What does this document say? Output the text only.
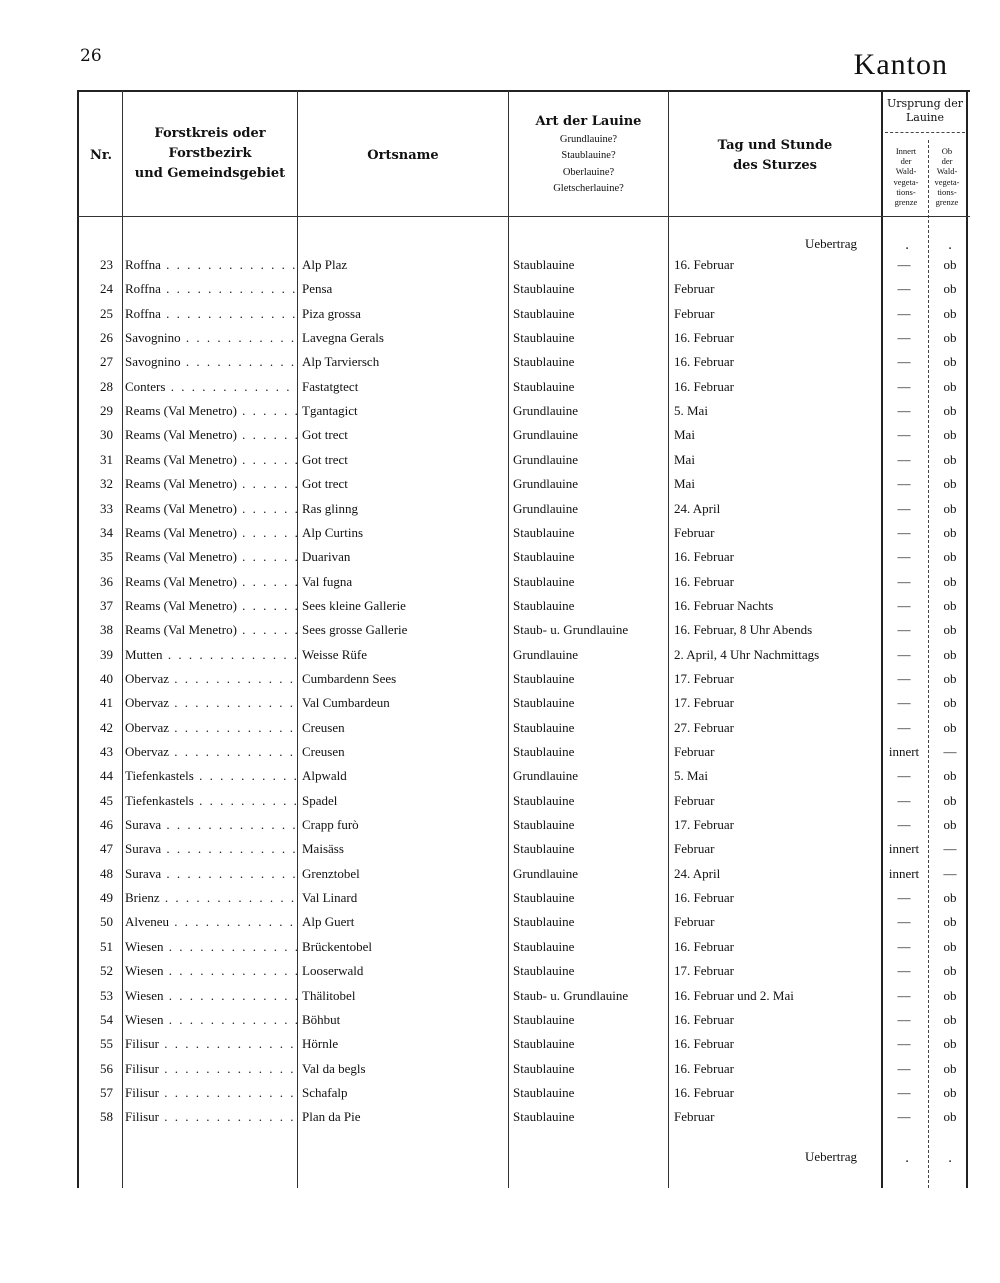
26	Kanton
Nr.
Forstkreis oder
Forstbezirk
und Gemeindsgebiet
Ortsname
Art der Lauine
Grundlauine?
Staublauine?
Oberlauine?
Gletscherlauine?
Tag und Stunde
des Sturzes
Ursprung der
Lauine
Innert
der
Wald-
vegeta-
tions-
grenze
Ob
der
Wald-
vegeta-
tions-
grenze
Uebertrag	.	.
23 Roffna . . .	Alp Plaz	Staublauine	16. Februar	—	ob
24 Roffna . . .	Pensa	Staublauine	Februar	—	ob
25 Roffna . . .	Piza grossa	Staublauine	Februar	—	ob
26 Savognino . . .	Lavegna Gerals	Staublauine	16. Februar	—	ob
27 Savognino . . .	Alp Tarviersch	Staublauine	16. Februar	—	ob
28 Conters . . .	Fastatgtect	Staublauine	16. Februar	—	ob
29 Reams (Val Menetro) . . .	Tgantagict	Grundlauine	5. Mai	—	ob
30 Reams (Val Menetro) . . .	Got trect	Grundlauine	Mai	—	ob
31 Reams (Val Menetro) . . .	Got trect	Grundlauine	Mai	—	ob
32 Reams (Val Menetro) . . .	Got trect	Grundlauine	Mai	—	ob
33 Reams (Val Menetro) . . .	Ras glinng	Grundlauine	24. April	—	ob
34 Reams (Val Menetro) . . .	Alp Curtins	Staublauine	Februar	—	ob
35 Reams (Val Menetro) . . .	Duarivan	Staublauine	16. Februar	—	ob
36 Reams (Val Menetro) . . .	Val fugna	Staublauine	16. Februar	—	ob
37 Reams (Val Menetro) . . .	Sees kleine Gallerie	Staublauine	16. Februar Nachts	—	ob
38 Reams (Val Menetro) . . .	Sees grosse Gallerie	Staub- u. Grundlauine	16. Februar, 8 Uhr Abends	—	ob
39 Mutten . . .	Weisse Rüfe	Grundlauine	2. April, 4 Uhr Nachmittags	—	ob
40 Obervaz . . .	Cumbardenn Sees	Staublauine	17. Februar	—	ob
41 Obervaz . . .	Val Cumbardeun	Staublauine	17. Februar	—	ob
42 Obervaz . . .	Creusen	Staublauine	27. Februar	—	ob
43 Obervaz . . .	Creusen	Staublauine	Februar	innert	—
44 Tiefenkastels . . .	Alpwald	Grundlauine	5. Mai	—	ob
45 Tiefenkastels . . .	Spadel	Staublauine	Februar	—	ob
46 Surava . . .	Crapp furò	Staublauine	17. Februar	—	ob
47 Surava . . .	Maisäss	Staublauine	Februar	innert	—
48 Surava . . .	Grenztobel	Grundlauine	24. April	innert	—
49 Brienz . . .	Val Linard	Staublauine	16. Februar	—	ob
50 Alveneu . . .	Alp Guert	Staublauine	Februar	—	ob
51 Wiesen . . .	Brückentobel	Staublauine	16. Februar	—	ob
52 Wiesen . . .	Looserwald	Staublauine	17. Februar	—	ob
53 Wiesen . . .	Thälitobel	Staub- u. Grundlauine	16. Februar und 2. Mai	—	ob
54 Wiesen . . .	Böhbut	Staublauine	16. Februar	—	ob
55 Filisur . . .	Hörnle	Staublauine	16. Februar	—	ob
56 Filisur . . .	Val da begls	Staublauine	16. Februar	—	ob
57 Filisur . . .	Schafalp	Staublauine	16. Februar	—	ob
58 Filisur . . .	Plan da Pie	Staublauine	Februar	—	ob
Uebertrag	.	.
